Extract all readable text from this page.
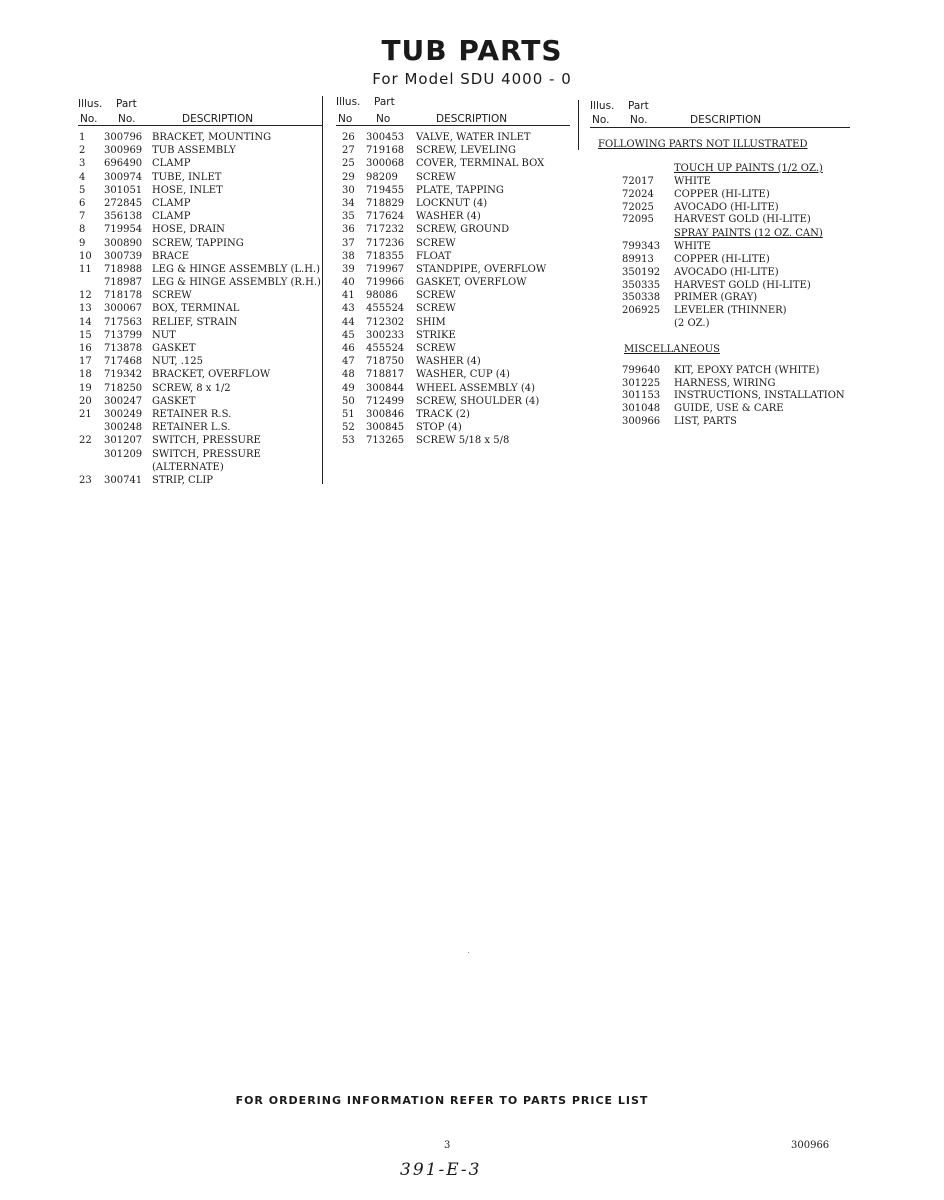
TUB PARTS
For Model SDU 4000 - 0
Illus. Part
No. No.	DESCRIPTION
1 300796 BRACKET, MOUNTING
2 300969 TUB ASSEMBLY
3 696490 CLAMP
4 300974 TUBE, INLET
5 301051 HOSE, INLET
6 272845 CLAMP
7 356138 CLAMP
8 719954 HOSE, DRAIN
9 300890 SCREW, TAPPING
10 300739 BRACE
11 718988 LEG & HINGE ASSEMBLY (L.H.)
718987 LEG & HINGE ASSEMBLY (R.H.)
12 718178 SCREW
13 300067 BOX, TERMINAL
14 717563 RELIEF, STRAIN
15 713799 NUT
16 713878 GASKET
17 717468 NUT, .125
18 719342 BRACKET, OVERFLOW
19 718250 SCREW, 8 x 1/2
20 300247 GASKET
21 300249 RETAINER R.S.
300248 RETAINER L.S.
22 301207 SWITCH, PRESSURE
301209 SWITCH, PRESSURE
(ALTERNATE)
23 300741 STRIP, CLIP
Illus. Part
No No	DESCRIPTION
26 300453 VALVE, WATER INLET
27 719168 SCREW, LEVELING
25 300068 COVER, TERMINAL BOX
29 98209 SCREW
30 719455 PLATE, TAPPING
34 718829 LOCKNUT (4)
35 717624 WASHER (4)
36 717232 SCREW, GROUND
37 717236 SCREW
38 718355 FLOAT
39 719967 STANDPIPE, OVERFLOW
40 719966 GASKET, OVERFLOW
41 98086 SCREW
43 455524 SCREW
44 712302 SHIM
45 300233 STRIKE
46 455524 SCREW
47 718750 WASHER (4)
48 718817 WASHER, CUP (4)
49 300844 WHEEL ASSEMBLY (4)
50 712499 SCREW, SHOULDER (4)
51 300846 TRACK (2)
52 300845 STOP (4)
53 713265 SCREW 5/18 x 5/8
Illus. Part
No. No.	DESCRIPTION
FOLLOWING PARTS NOT ILLUSTRATED
TOUCH UP PAINTS (1/2 OZ.)
72017 WHITE
72024 COPPER (HI-LITE)
72025 AVOCADO (HI-LITE)
72095 HARVEST GOLD (HI-LITE)
SPRAY PAINTS (12 OZ. CAN)
799343 WHITE
89913 COPPER (HI-LITE)
350192 AVOCADO (HI-LITE)
350335 HARVEST GOLD (HI-LITE)
350338 PRIMER (GRAY)
206925 LEVELER (THINNER)
(2 OZ.)
MISCELLANEOUS
799640 KIT, EPOXY PATCH (WHITE)
301225 HARNESS, WIRING
301153 INSTRUCTIONS, INSTALLATION
301048 GUIDE, USE & CARE
300966 LIST, PARTS
FOR ORDERING INFORMATION REFER TO PARTS PRICE LIST
3	300966
391-E-3
